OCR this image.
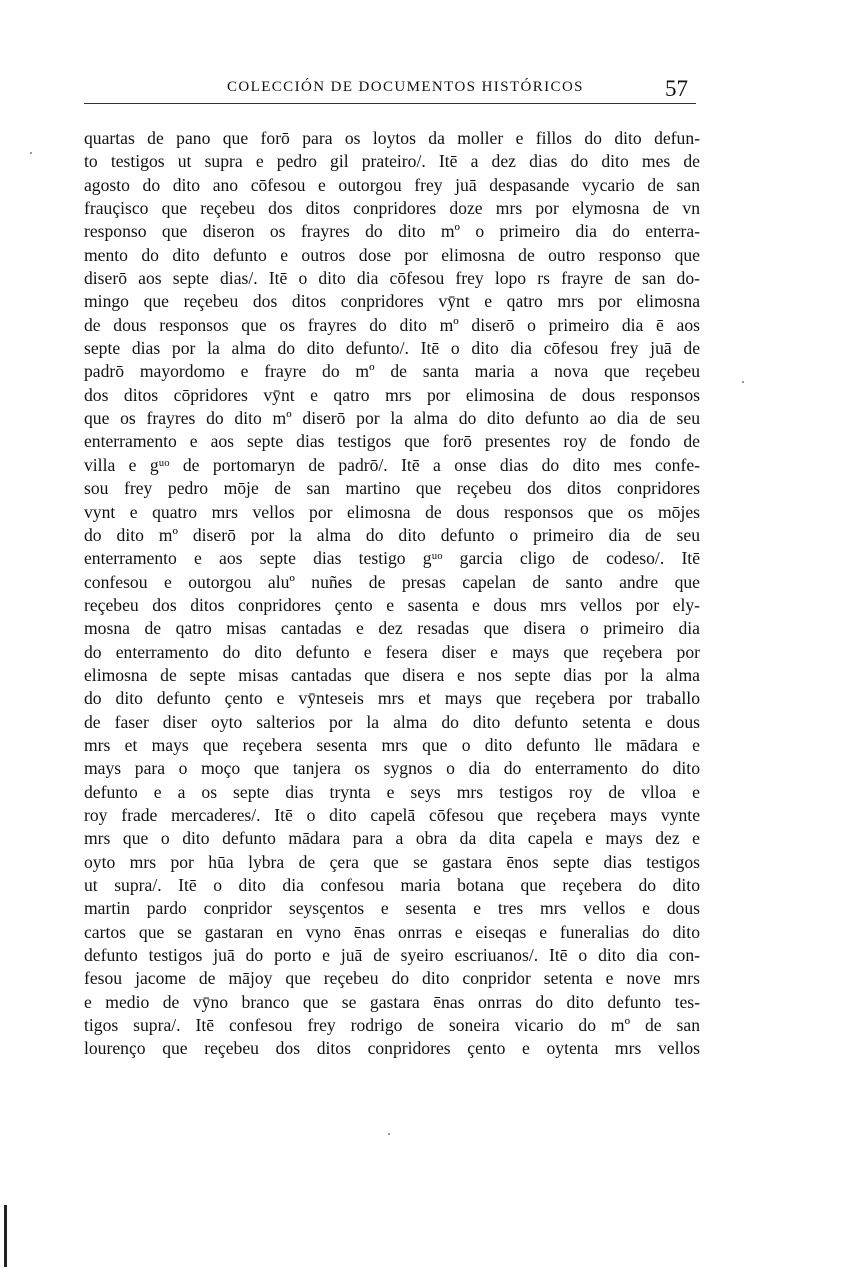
COLECCIÓN DE DOCUMENTOS HISTÓRICOS	57
quartas de pano que forō para os loytos da moller e fillos do dito defun-
to testigos ut supra e pedro gil prateiro/. Itē a dez dias do dito mes de
agosto do dito ano cōfesou e outorgou frey juā despasande vycario de san
frauçisco que reçebeu dos ditos conpridores doze mrs por elymosna de vn
responso que diseron os frayres do dito mº o primeiro dia do enterra-
mento do dito defunto e outros dose por elimosna de outro responso que
diserō aos septe dias/. Itē o dito dia cōfesou frey lopo rs frayre de san do-
mingo que reçebeu dos ditos conpridores vȳnt e qatro mrs por elimosna
de dous responsos que os frayres do dito mº diserō o primeiro dia ē aos
septe dias por la alma do dito defunto/. Itē o dito dia cōfesou frey juā de
padrō mayordomo e frayre do mº de santa maria a nova que reçebeu
dos ditos cōpridores vȳnt e qatro mrs por elimosina de dous responsos
que os frayres do dito mº diserō por la alma do dito defunto ao dia de seu
enterramento e aos septe dias testigos que forō presentes roy de fondo de
villa e gᵘᵒ de portomaryn de padrō/. Itē a onse dias do dito mes confe-
sou frey pedro mōje de san martino que reçebeu dos ditos conpridores
vynt e quatro mrs vellos por elimosna de dous responsos que os mōjes
do dito mº diserō por la alma do dito defunto o primeiro dia de seu
enterramento e aos septe dias testigo gᵘᵒ garcia cligo de codeso/. Itē
confesou e outorgou aluº nuñes de presas capelan de santo andre que
reçebeu dos ditos conpridores çento e sasenta e dous mrs vellos por ely-
mosna de qatro misas cantadas e dez resadas que disera o primeiro dia
do enterramento do dito defunto e fesera diser e mays que reçebera por
elimosna de septe misas cantadas que disera e nos septe dias por la alma
do dito defunto çento e vȳnteseis mrs et mays que reçebera por traballo
de faser diser oyto salterios por la alma do dito defunto setenta e dous
mrs et mays que reçebera sesenta mrs que o dito defunto lle mādara e
mays para o moço que tanjera os sygnos o dia do enterramento do dito
defunto e a os septe dias trynta e seys mrs testigos roy de vlloa e
roy frade mercaderes/. Itē o dito capelā cōfesou que reçebera mays vynte
mrs que o dito defunto mādara para a obra da dita capela e mays dez e
oyto mrs por hūa lybra de çera que se gastara ēnos septe dias testigos
ut supra/. Itē o dito dia confesou maria botana que reçebera do dito
martin pardo conpridor seysçentos e sesenta e tres mrs vellos e dous
cartos que se gastaran en vyno ēnas onrras e eiseqas e funeralias do dito
defunto testigos juā do porto e juā de syeiro escriuanos/. Itē o dito dia con-
fesou jacome de mājoy que reçebeu do dito conpridor setenta e nove mrs
e medio de vȳno branco que se gastara ēnas onrras do dito defunto tes-
tigos supra/. Itē confesou frey rodrigo de soneira vicario do mº de san
lourenço que reçebeu dos ditos conpridores çento e oytenta mrs vellos
